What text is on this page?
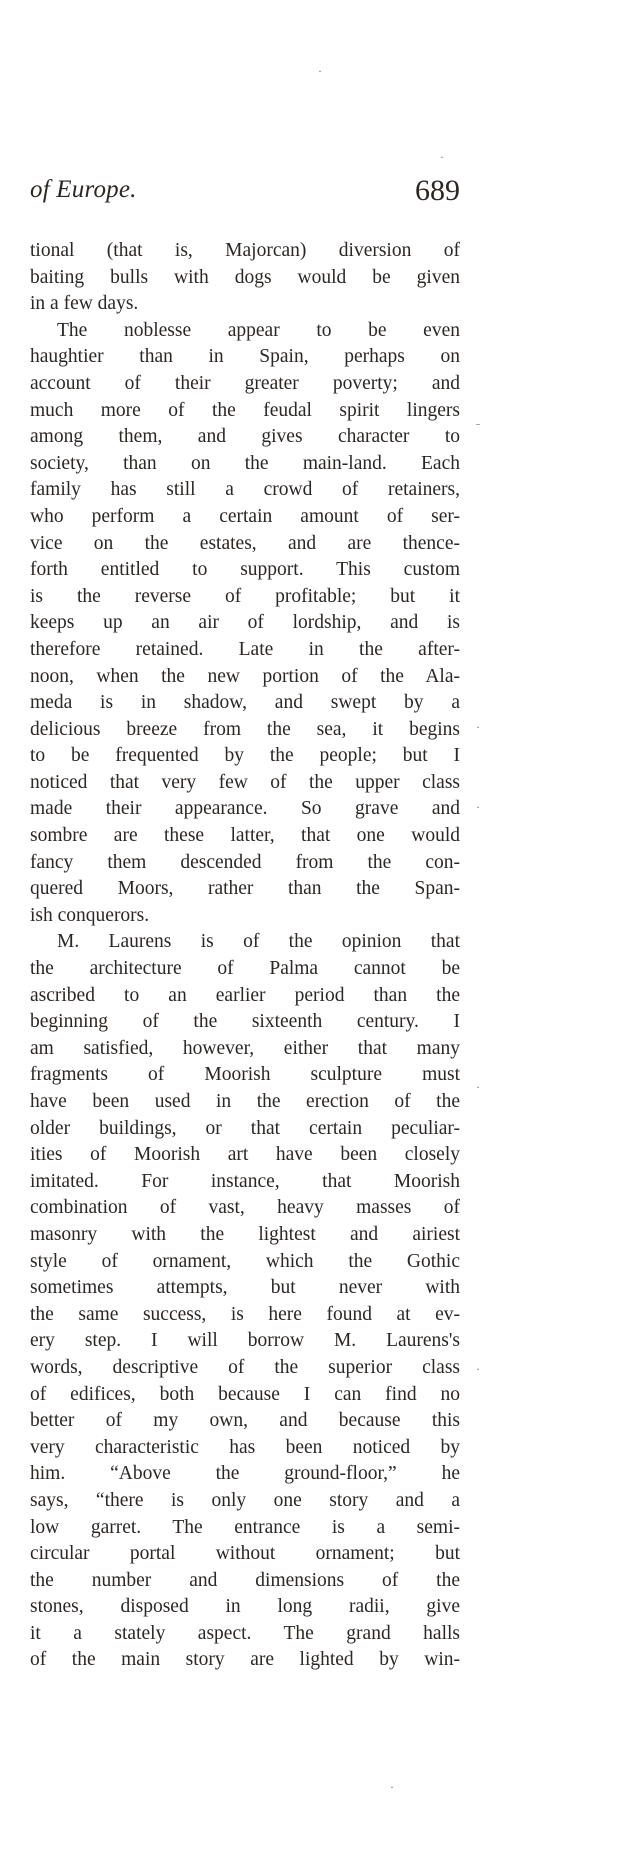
·
·
ˉ
·
·
·
·
·
of Europe.	689
tional (that is, Majorcan) diversion of
baiting bulls with dogs would be given
in a few days.
The noblesse appear to be even
haughtier than in Spain, perhaps on
account of their greater poverty; and
much more of the feudal spirit lingers
among them, and gives character to
society, than on the main-land. Each
family has still a crowd of retainers,
who perform a certain amount of ser-
vice on the estates, and are thence-
forth entitled to support. This custom
is the reverse of profitable; but it
keeps up an air of lordship, and is
therefore retained. Late in the after-
noon, when the new portion of the Ala-
meda is in shadow, and swept by a
delicious breeze from the sea, it begins
to be frequented by the people; but I
noticed that very few of the upper class
made their appearance. So grave and
sombre are these latter, that one would
fancy them descended from the con-
quered Moors, rather than the Span-
ish conquerors.
M. Laurens is of the opinion that
the architecture of Palma cannot be
ascribed to an earlier period than the
beginning of the sixteenth century. I
am satisfied, however, either that many
fragments of Moorish sculpture must
have been used in the erection of the
older buildings, or that certain peculiar-
ities of Moorish art have been closely
imitated. For instance, that Moorish
combination of vast, heavy masses of
masonry with the lightest and airiest
style of ornament, which the Gothic
sometimes attempts, but never with
the same success, is here found at ev-
ery step. I will borrow M. Laurens's
words, descriptive of the superior class
of edifices, both because I can find no
better of my own, and because this
very characteristic has been noticed by
him. “Above the ground-floor,” he
says, “there is only one story and a
low garret. The entrance is a semi-
circular portal without ornament; but
the number and dimensions of the
stones, disposed in long radii, give
it a stately aspect. The grand halls
of the main story are lighted by win-
